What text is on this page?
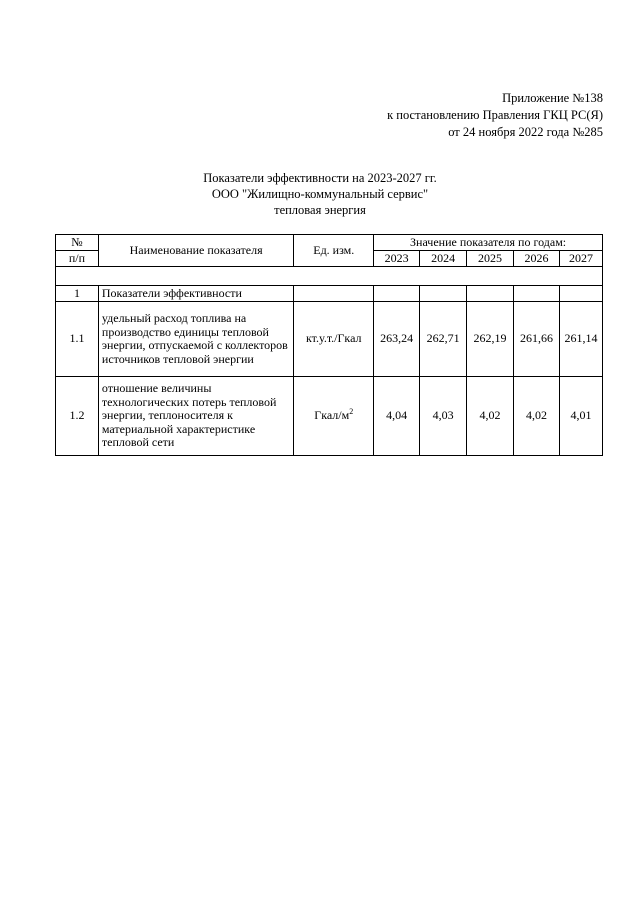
Приложение №138
к постановлению Правления ГКЦ РС(Я)
от 24 ноября 2022 года №285
Показатели эффективности на 2023-2027 гг.
ООО "Жилищно-коммунальный сервис"
тепловая энергия
№	Наименование показателя	Ед. изм.	Значение показателя по годам:				
п/п			2023	2024	2025	2026	2027

1	Показатели эффективности						
1.1	удельный расход топлива на производство единицы тепловой энергии, отпускаемой с коллекторов источников тепловой энергии	кт.у.т./Гкал	263,24	262,71	262,19	261,66	261,14
1.2	отношение величины технологических потерь тепловой энергии, теплоносителя к материальной характеристике тепловой сети	Гкал/$м^2$	4,04	4,03	4,02	4,02	4,01
